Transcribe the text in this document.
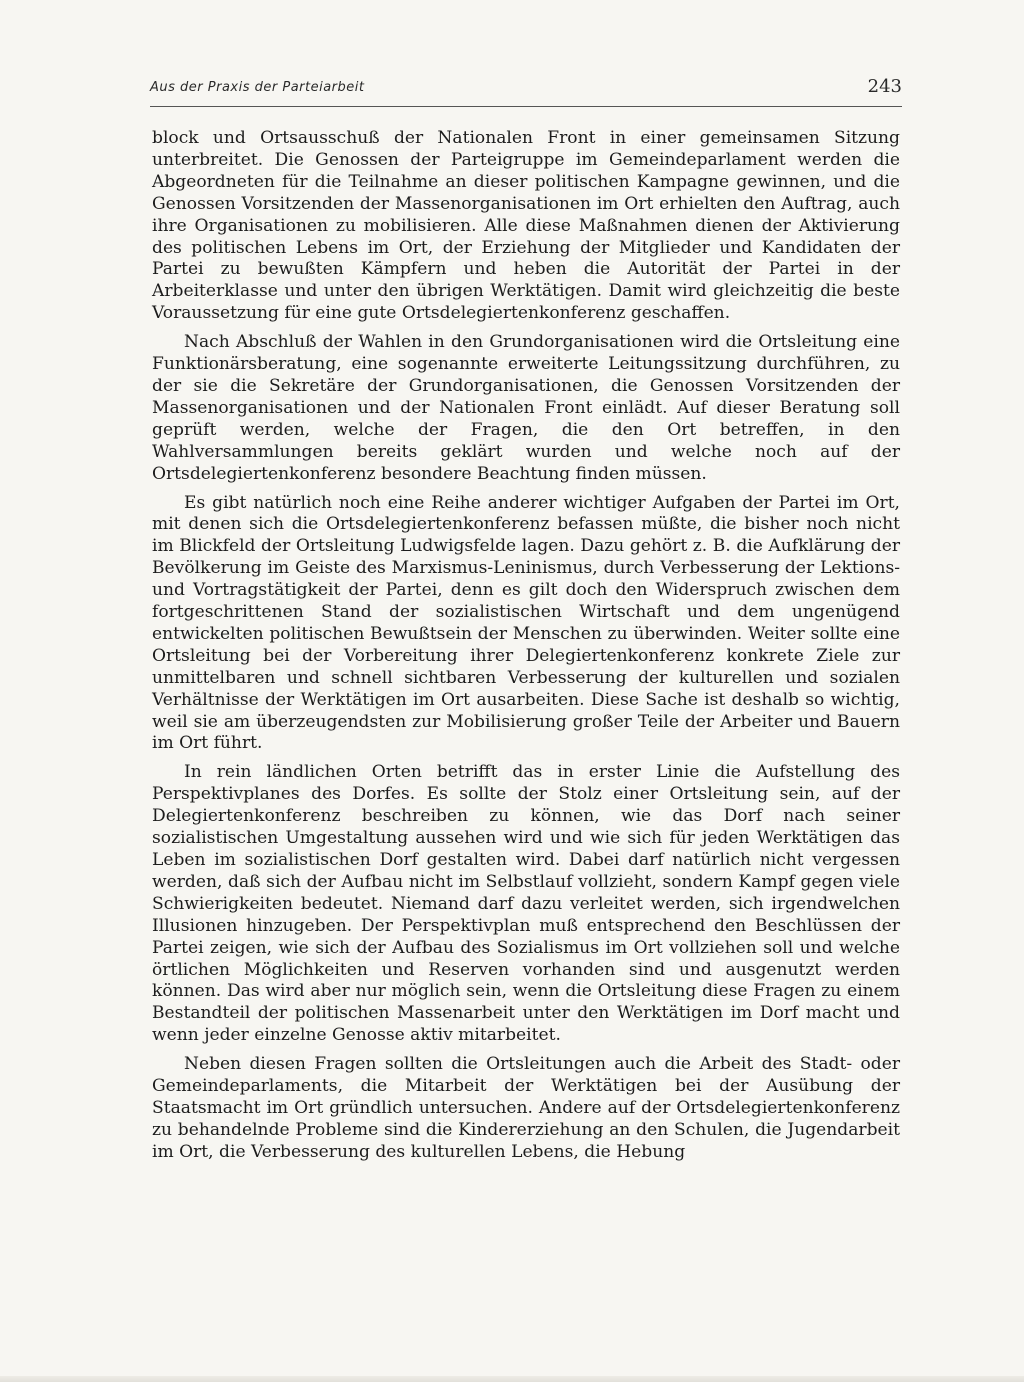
Aus der Praxis der Parteiarbeit	243

block und Ortsausschuß der Nationalen Front in einer gemeinsamen Sitzung unterbreitet. Die Genossen der Parteigruppe im Gemeindeparlament werden die Abgeordneten für die Teilnahme an dieser politischen Kampagne gewinnen, und die Genossen Vorsitzenden der Massenorganisationen im Ort erhielten den Auftrag, auch ihre Organisationen zu mobilisieren. Alle diese Maßnahmen dienen der Aktivierung des politischen Lebens im Ort, der Erziehung der Mitglieder und Kandidaten der Partei zu bewußten Kämpfern und heben die Autorität der Partei in der Arbeiterklasse und unter den übrigen Werktätigen. Damit wird gleichzeitig die beste Voraussetzung für eine gute Ortsdelegiertenkonferenz geschaffen.

Nach Abschluß der Wahlen in den Grundorganisationen wird die Ortsleitung eine Funktionärsberatung, eine sogenannte erweiterte Leitungssitzung durchführen, zu der sie die Sekretäre der Grundorganisationen, die Genossen Vorsitzenden der Massenorganisationen und der Nationalen Front einlädt. Auf dieser Beratung soll geprüft werden, welche der Fragen, die den Ort betreffen, in den Wahlversammlungen bereits geklärt wurden und welche noch auf der Ortsdelegiertenkonferenz besondere Beachtung finden müssen.

Es gibt natürlich noch eine Reihe anderer wichtiger Aufgaben der Partei im Ort, mit denen sich die Ortsdelegiertenkonferenz befassen müßte, die bisher noch nicht im Blickfeld der Ortsleitung Ludwigsfelde lagen. Dazu gehört z. B. die Aufklärung der Bevölkerung im Geiste des Marxismus-Leninismus, durch Verbesserung der Lektions- und Vortragstätigkeit der Partei, denn es gilt doch den Widerspruch zwischen dem fortgeschrittenen Stand der sozialistischen Wirtschaft und dem ungenügend entwickelten politischen Bewußtsein der Menschen zu überwinden. Weiter sollte eine Ortsleitung bei der Vorbereitung ihrer Delegiertenkonferenz konkrete Ziele zur unmittelbaren und schnell sichtbaren Verbesserung der kulturellen und sozialen Verhältnisse der Werktätigen im Ort ausarbeiten. Diese Sache ist deshalb so wichtig, weil sie am überzeugendsten zur Mobilisierung großer Teile der Arbeiter und Bauern im Ort führt.

In rein ländlichen Orten betrifft das in erster Linie die Aufstellung des Perspektivplanes des Dorfes. Es sollte der Stolz einer Ortsleitung sein, auf der Delegiertenkonferenz beschreiben zu können, wie das Dorf nach seiner sozialistischen Umgestaltung aussehen wird und wie sich für jeden Werktätigen das Leben im sozialistischen Dorf gestalten wird. Dabei darf natürlich nicht vergessen werden, daß sich der Aufbau nicht im Selbstlauf vollzieht, sondern Kampf gegen viele Schwierigkeiten bedeutet. Niemand darf dazu verleitet werden, sich irgendwelchen Illusionen hinzugeben. Der Perspektivplan muß entsprechend den Beschlüssen der Partei zeigen, wie sich der Aufbau des Sozialismus im Ort vollziehen soll und welche örtlichen Möglichkeiten und Reserven vorhanden sind und ausgenutzt werden können. Das wird aber nur möglich sein, wenn die Ortsleitung diese Fragen zu einem Bestandteil der politischen Massenarbeit unter den Werktätigen im Dorf macht und wenn jeder einzelne Genosse aktiv mitarbeitet.

Neben diesen Fragen sollten die Ortsleitungen auch die Arbeit des Stadt- oder Gemeindeparlaments, die Mitarbeit der Werktätigen bei der Ausübung der Staatsmacht im Ort gründlich untersuchen. Andere auf der Ortsdelegiertenkonferenz zu behandelnde Probleme sind die Kindererziehung an den Schulen, die Jugendarbeit im Ort, die Verbesserung des kulturellen Lebens, die Hebung
